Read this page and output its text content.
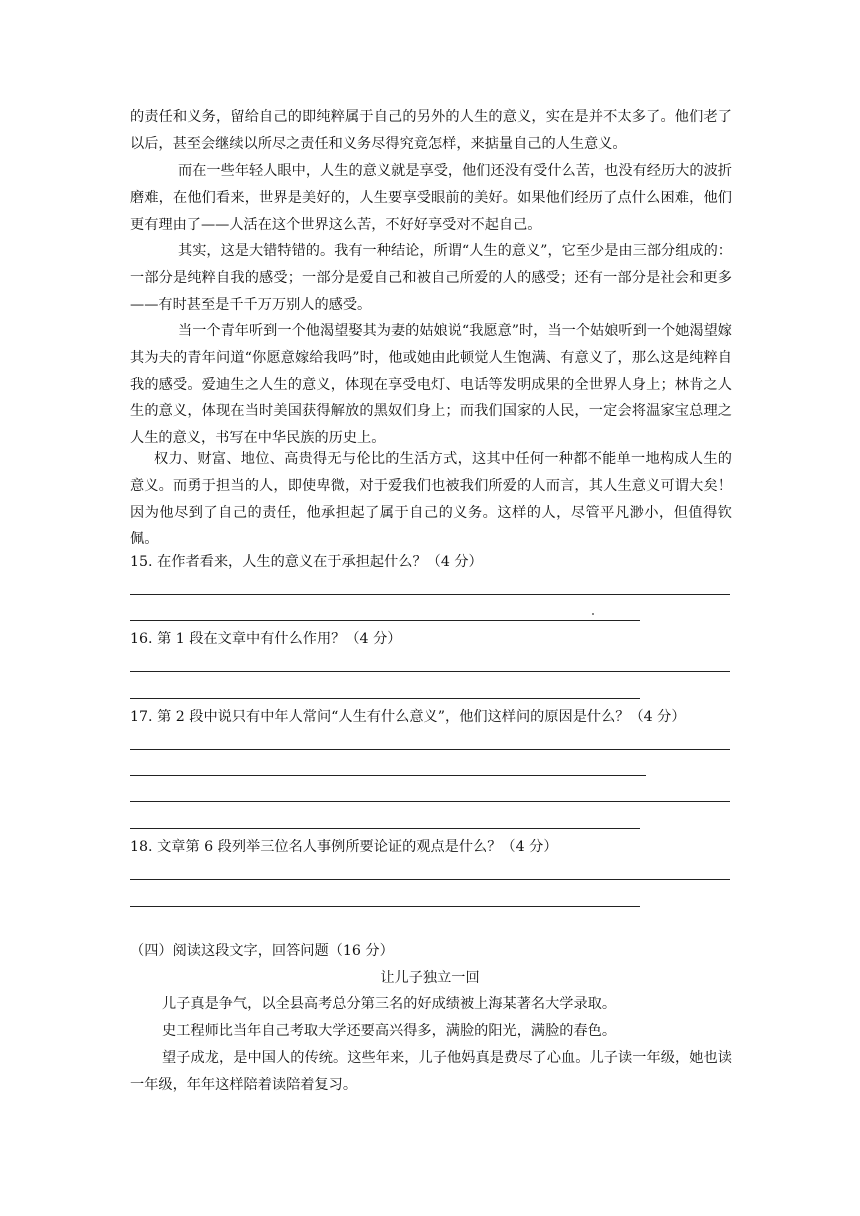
的责任和义务，留给自己的即纯粹属于自己的另外的人生的意义，实在是并不太多了。他们老了以后，甚至会继续以所尽之责任和义务尽得究竟怎样，来掂量自己的人生意义。

而在一些年轻人眼中，人生的意义就是享受，他们还没有受什么苦，也没有经历大的波折磨难，在他们看来，世界是美好的，人生要享受眼前的美好。如果他们经历了点什么困难，他们更有理由了——人活在这个世界这么苦，不好好享受对不起自己。

其实，这是大错特错的。我有一种结论，所谓“人生的意义”，它至少是由三部分组成的：一部分是纯粹自我的感受；一部分是爱自己和被自己所爱的人的感受；还有一部分是社会和更多——有时甚至是千千万万别人的感受。

当一个青年听到一个他渴望娶其为妻的姑娘说“我愿意”时，当一个姑娘听到一个她渴望嫁其为夫的青年问道“你愿意嫁给我吗”时，他或她由此顿觉人生饱满、有意义了，那么这是纯粹自我的感受。爱迪生之人生的意义，体现在享受电灯、电话等发明成果的全世界人身上；林肯之人生的意义，体现在当时美国获得解放的黑奴们身上；而我们国家的人民，一定会将温家宝总理之人生的意义，书写在中华民族的历史上。

权力、财富、地位、高贵得无与伦比的生活方式，这其中任何一种都不能单一地构成人生的意义。而勇于担当的人，即使卑微，对于爱我们也被我们所爱的人而言，其人生意义可谓大矣！因为他尽到了自己的责任，他承担起了属于自己的义务。这样的人，尽管平凡渺小，但值得钦佩。

15. 在作者看来，人生的意义在于承担起什么？（4 分）

16. 第 1 段在文章中有什么作用？（4 分）

17. 第 2 段中说只有中年人常问“人生有什么意义”，他们这样问的原因是什么？（4 分）

18. 文章第 6 段列举三位名人事例所要论证的观点是什么？（4 分）

（四）阅读这段文字，回答问题（16 分）

让儿子独立一回

儿子真是争气，以全县高考总分第三名的好成绩被上海某著名大学录取。

史工程师比当年自己考取大学还要高兴得多，满脸的阳光，满脸的春色。

望子成龙，是中国人的传统。这些年来，儿子他妈真是费尽了心血。儿子读一年级，她也读一年级，年年这样陪着读陪着复习。
